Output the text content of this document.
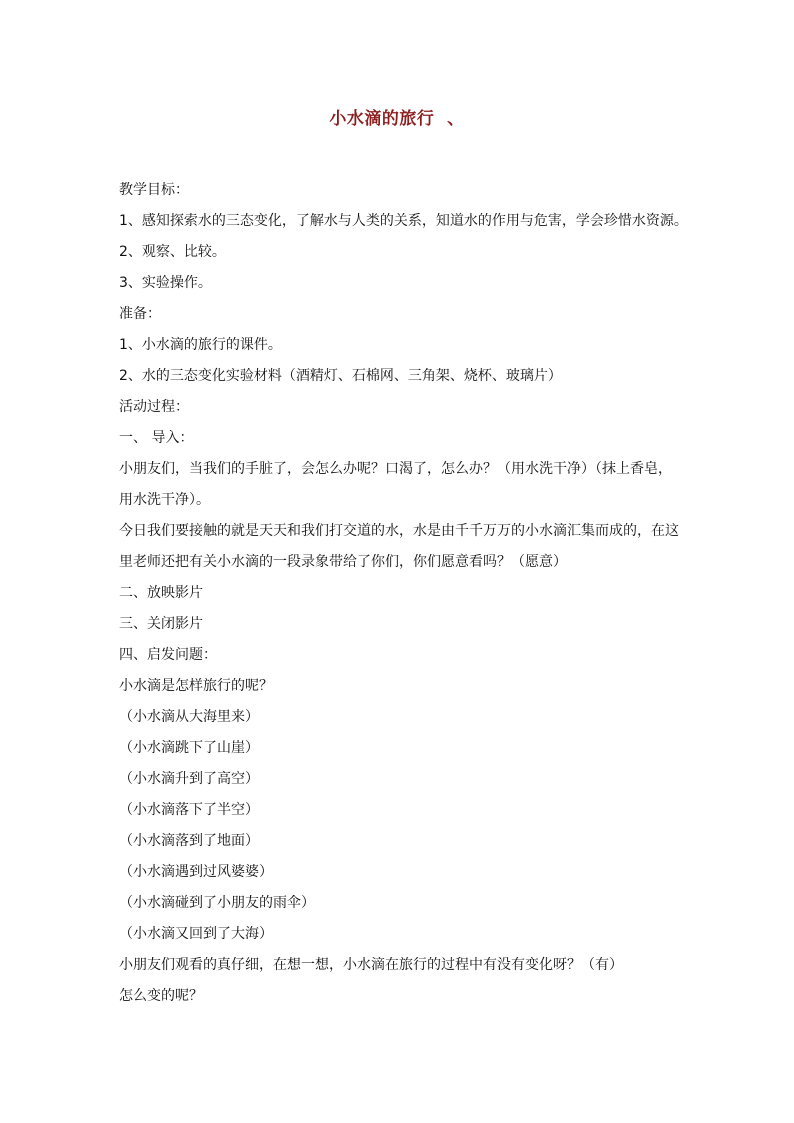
小水滴的旅行  、
教学目标：
1、感知探索水的三态变化，了解水与人类的关系，知道水的作用与危害，学会珍惜水资源。
2、观察、比较。
3、实验操作。
准备：
1、小水滴的旅行的课件。
2、水的三态变化实验材料（酒精灯、石棉网、三角架、烧杯、玻璃片）
活动过程：
一、 导入：
小朋友们，当我们的手脏了，会怎么办呢？口渴了，怎么办？（用水洗干净）（抹上香皂，
用水洗干净）。
今日我们要接触的就是天天和我们打交道的水，水是由千千万万的小水滴汇集而成的，在这
里老师还把有关小水滴的一段录象带给了你们，你们愿意看吗？（愿意）
二、放映影片
三、关闭影片
四、启发问题：
小水滴是怎样旅行的呢？
（小水滴从大海里来）
（小水滴跳下了山崖）
（小水滴升到了高空）
（小水滴落下了半空）
（小水滴落到了地面）
（小水滴遇到过风婆婆）
（小水滴碰到了小朋友的雨伞）
（小水滴又回到了大海）
小朋友们观看的真仔细，在想一想，小水滴在旅行的过程中有没有变化呀？（有）
怎么变的呢？
